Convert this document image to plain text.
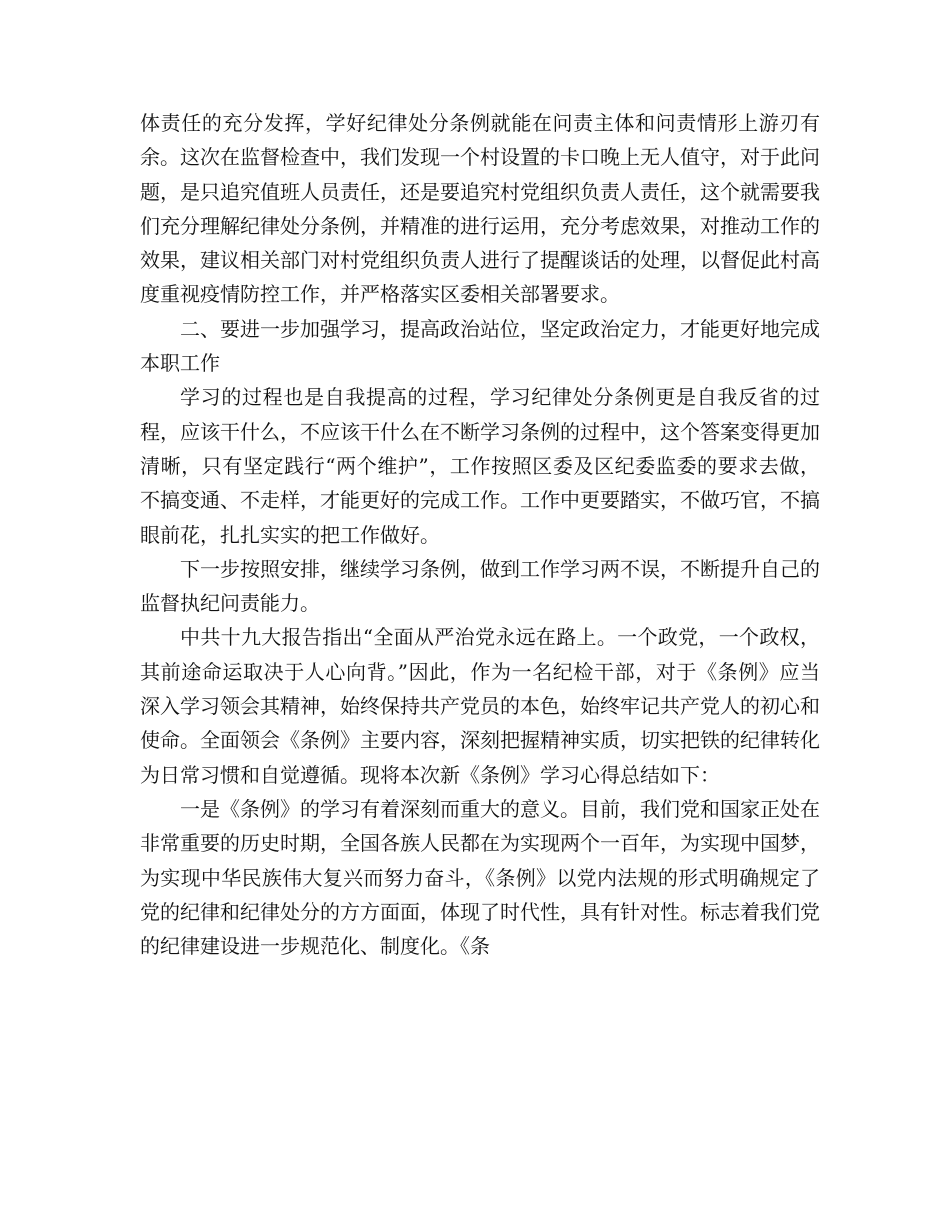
体责任的充分发挥，学好纪律处分条例就能在问责主体和问责情形上游刃有余。这次在监督检查中，我们发现一个村设置的卡口晚上无人值守，对于此问题，是只追究值班人员责任，还是要追究村党组织负责人责任，这个就需要我们充分理解纪律处分条例，并精准的进行运用，充分考虑效果，对推动工作的效果，建议相关部门对村党组织负责人进行了提醒谈话的处理，以督促此村高度重视疫情防控工作，并严格落实区委相关部署要求。

二、要进一步加强学习，提高政治站位，坚定政治定力，才能更好地完成本职工作

学习的过程也是自我提高的过程，学习纪律处分条例更是自我反省的过程，应该干什么，不应该干什么在不断学习条例的过程中，这个答案变得更加清晰，只有坚定践行“两个维护”，工作按照区委及区纪委监委的要求去做，不搞变通、不走样，才能更好的完成工作。工作中更要踏实，不做巧官，不搞眼前花，扎扎实实的把工作做好。

下一步按照安排，继续学习条例，做到工作学习两不误，不断提升自己的监督执纪问责能力。

中共十九大报告指出“全面从严治党永远在路上。一个政党，一个政权，其前途命运取决于人心向背。”因此，作为一名纪检干部，对于《条例》应当深入学习领会其精神，始终保持共产党员的本色，始终牢记共产党人的初心和使命。全面领会《条例》主要内容，深刻把握精神实质，切实把铁的纪律转化为日常习惯和自觉遵循。现将本次新《条例》学习心得总结如下：

一是《条例》的学习有着深刻而重大的意义。目前，我们党和国家正处在非常重要的历史时期，全国各族人民都在为实现两个一百年，为实现中国梦，为实现中华民族伟大复兴而努力奋斗，《条例》以党内法规的形式明确规定了党的纪律和纪律处分的方方面面，体现了时代性，具有针对性。标志着我们党的纪律建设进一步规范化、制度化。《条
